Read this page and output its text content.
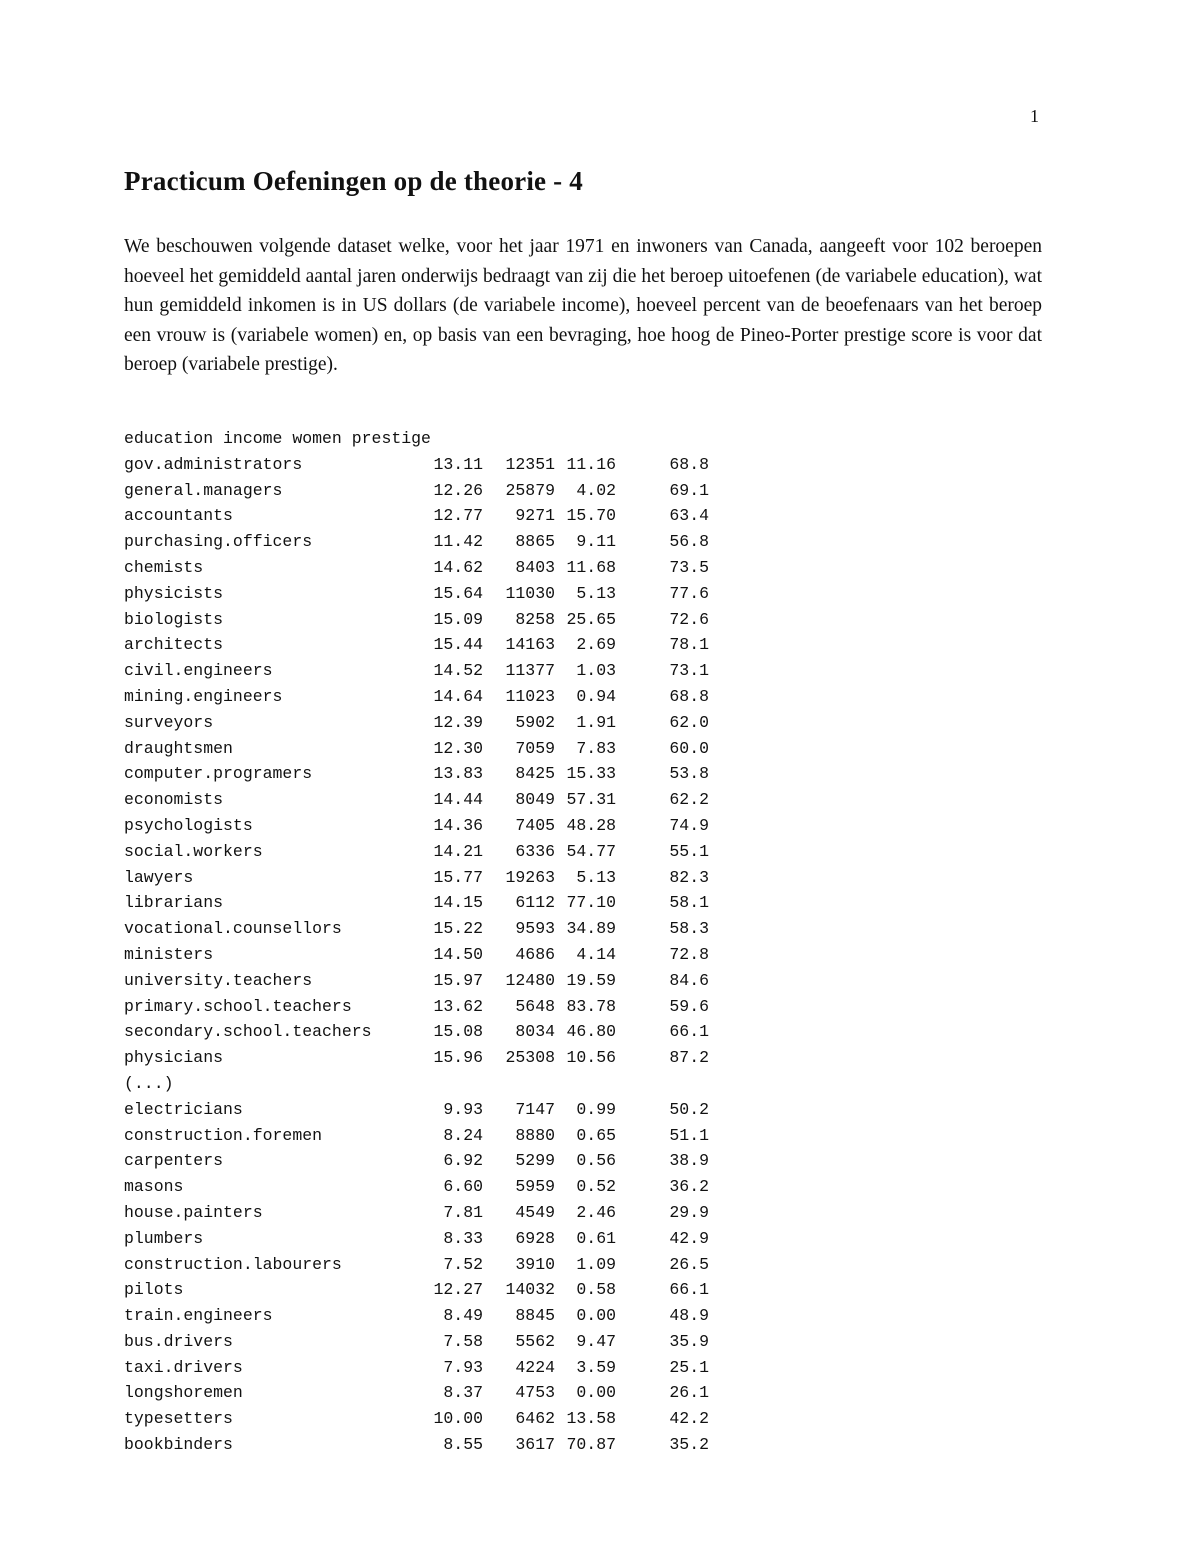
1
Practicum Oefeningen op de theorie - 4

We beschouwen volgende dataset welke, voor het jaar 1971 en inwoners van Canada, aangeeft voor 102 beroepen hoeveel het gemiddeld aantal jaren onderwijs bedraagt van zij die het beroep uitoefenen (de variabele education), wat hun gemiddeld inkomen is in US dollars (de variabele income), hoeveel percent van de beoefenaars van het beroep een vrouw is (variabele women) en, op basis van een bevraging, hoe hoog de Pineo-Porter prestige score is voor dat beroep (variabele prestige).

education income women prestige
gov.administrators	13.11 12351 11.16	68.8
general.managers	12.26 25879 4.02	69.1
accountants	12.77 9271 15.70	63.4
purchasing.officers	11.42 8865 9.11	56.8
chemists	14.62 8403 11.68	73.5
physicists	15.64 11030 5.13	77.6
biologists	15.09 8258 25.65	72.6
architects	15.44 14163 2.69	78.1
civil.engineers	14.52 11377 1.03	73.1
mining.engineers	14.64 11023 0.94	68.8
surveyors	12.39 5902 1.91	62.0
draughtsmen	12.30 7059 7.83	60.0
computer.programers	13.83 8425 15.33	53.8
economists	14.44 8049 57.31	62.2
psychologists	14.36 7405 48.28	74.9
social.workers	14.21 6336 54.77	55.1
lawyers	15.77 19263 5.13	82.3
librarians	14.15 6112 77.10	58.1
vocational.counsellors	15.22 9593 34.89	58.3
ministers	14.50 4686 4.14	72.8
university.teachers	15.97 12480 19.59	84.6
primary.school.teachers	13.62 5648 83.78	59.6
secondary.school.teachers	15.08 8034 46.80	66.1
physicians	15.96 25308 10.56	87.2
(...)
electricians	9.93 7147 0.99	50.2
construction.foremen	8.24 8880 0.65	51.1
carpenters	6.92 5299 0.56	38.9
masons	6.60 5959 0.52	36.2
house.painters	7.81 4549 2.46	29.9
plumbers	8.33 6928 0.61	42.9
construction.labourers	7.52 3910 1.09	26.5
pilots	12.27 14032 0.58	66.1
train.engineers	8.49 8845 0.00	48.9
bus.drivers	7.58 5562 9.47	35.9
taxi.drivers	7.93 4224 3.59	25.1
longshoremen	8.37 4753 0.00	26.1
typesetters	10.00 6462 13.58	42.2
bookbinders	8.55 3617 70.87	35.2
